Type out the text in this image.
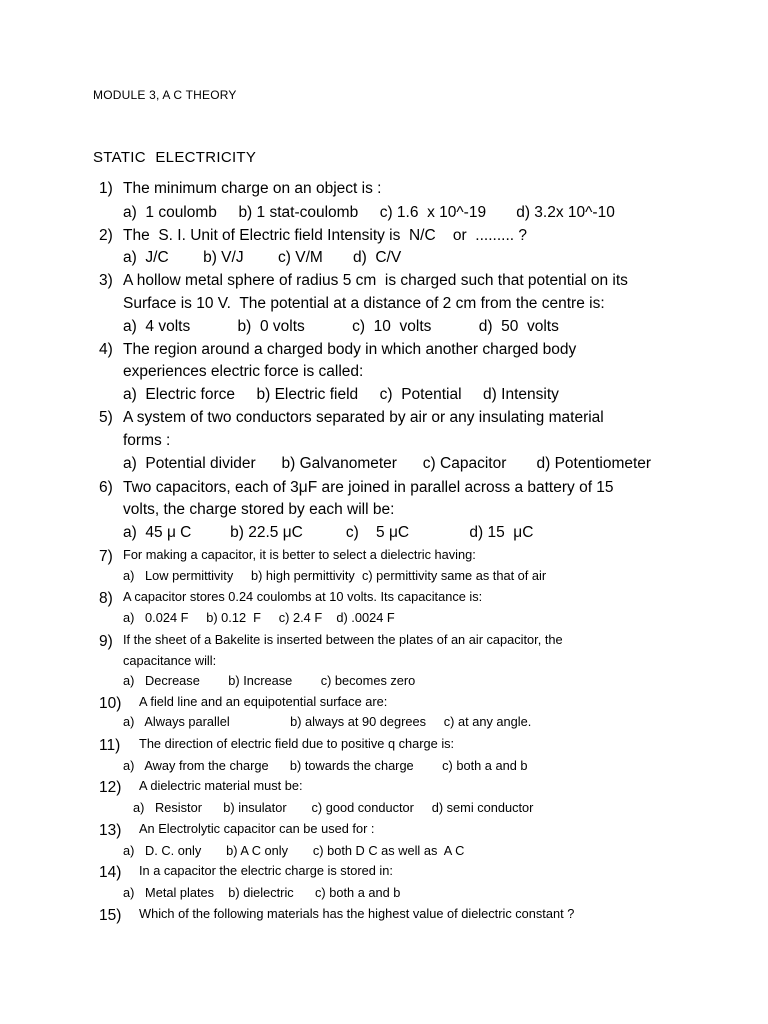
MODULE 3, A C THEORY
STATIC ELECTRICITY
1) The minimum charge on an object is :
a)  1 coulomb     b) 1 stat-coulomb     c) 1.6  x 10^-19       d) 3.2x 10^-10
2) The  S. I. Unit of Electric field Intensity is  N/C    or  ......... ?
a)  J/C        b) V/J        c) V/M       d)  C/V
3) A hollow metal sphere of radius 5 cm  is charged such that potential on its
Surface is 10 V.  The potential at a distance of 2 cm from the centre is:
a)  4 volts           b)  0 volts           c)  10  volts           d)  50  volts
4) The region around a charged body in which another charged body
experiences electric force is called:
a)  Electric force     b) Electric field     c)  Potential     d) Intensity
5) A system of two conductors separated by air or any insulating material
forms :
a)  Potential divider      b) Galvanometer      c) Capacitor       d) Potentiometer
6) Two capacitors, each of 3μF are joined in parallel across a battery of 15
volts, the charge stored by each will be:
a)  45 μ C         b) 22.5 μC          c)    5 μC              d) 15  μC
7) For making a capacitor, it is better to select a dielectric having:
a)   Low permittivity     b) high permittivity  c) permittivity same as that of air
8) A capacitor stores 0.24 coulombs at 10 volts. Its capacitance is:
a)   0.024 F     b) 0.12  F     c) 2.4 F    d) .0024 F
9) If the sheet of a Bakelite is inserted between the plates of an air capacitor, the
capacitance will:
a)   Decrease        b) Increase        c) becomes zero
10) A field line and an equipotential surface are:
a)   Always parallel                 b) always at 90 degrees     c) at any angle.
11) The direction of electric field due to positive q charge is:
a)   Away from the charge      b) towards the charge        c) both a and b
12) A dielectric material must be:
a)   Resistor      b) insulator       c) good conductor     d) semi conductor
13) An Electrolytic capacitor can be used for :
a)   D. C. only       b) A C only       c) both D C as well as  A C
14) In a capacitor the electric charge is stored in:
a)   Metal plates    b) dielectric      c) both a and b
15) Which of the following materials has the highest value of dielectric constant ?
